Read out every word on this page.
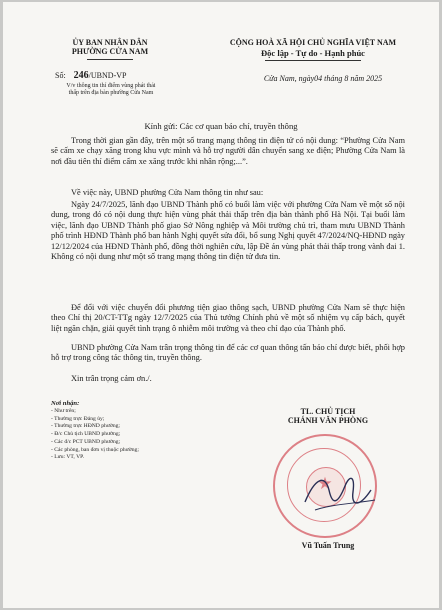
ỦY BAN NHÂN DÂN
PHƯỜNG CỬA NAM
CỘNG HOÀ XÃ HỘI CHỦ NGHĨA VIỆT NAM
Độc lập - Tự do - Hạnh phúc
Số: 246/UBND-VP
V/v thông tin thí điểm vùng phát thải
thấp trên địa bàn phường Cửa Nam
Cửa Nam, ngày04 tháng 8 năm 2025
Kính gửi: Các cơ quan báo chí, truyền thông
Trong thời gian gần đây, trên một số trang mạng thông tin điện tử có nội dung: “Phường Cửa Nam sẽ cấm xe chạy xăng trong khu vực mình và hỗ trợ người dân chuyển sang xe điện; Phường Cửa Nam là nơi đầu tiên thí điểm cấm xe xăng trước khi nhân rộng;...”.
Về việc này, UBND phường Cửa Nam thông tin như sau:
Ngày 24/7/2025, lãnh đạo UBND Thành phố có buổi làm việc với phường Cửa Nam về một số nội dung, trong đó có nội dung thực hiện vùng phát thải thấp trên địa bàn thành phố Hà Nội. Tại buổi làm việc, lãnh đạo UBND Thành phố giao Sở Nông nghiệp và Môi trường chủ trì, tham mưu UBND Thành phố trình HĐND Thành phố ban hành Nghị quyết sửa đổi, bổ sung Nghị quyết 47/2024/NQ-HĐND ngày 12/12/2024 của HĐND Thành phố, đồng thời nghiên cứu, lập Đề án vùng phát thải thấp trong vành đai 1. Không có nội dung như một số trang mạng thông tin điện tử đưa tin.
Để đổi với việc chuyển đổi phương tiện giao thông sạch, UBND phường Cửa Nam sẽ thực hiện theo Chỉ thị 20/CT-TTg ngày 12/7/2025 của Thủ tướng Chính phủ về một số nhiệm vụ cấp bách, quyết liệt ngăn chặn, giải quyết tình trạng ô nhiễm môi trường và theo chỉ đạo của Thành phố.
UBND phường Cửa Nam trân trọng thông tin để các cơ quan thông tấn báo chí được biết, phối hợp hỗ trợ trong công tác thông tin, truyền thông.
Xin trân trọng cảm ơn./.
Nơi nhận:
- Như trên;
- Thường trực Đảng ủy;
- Thường trực HĐND phường;
- Đ/c Chủ tịch UBND phường;
- Các đ/c PCT UBND phường;
- Các phòng, ban đơn vị thuộc phường;
- Lưu: VT, VP.
TL. CHỦ TỊCH
CHÁNH VĂN PHÒNG
★
Vũ Tuấn Trung
